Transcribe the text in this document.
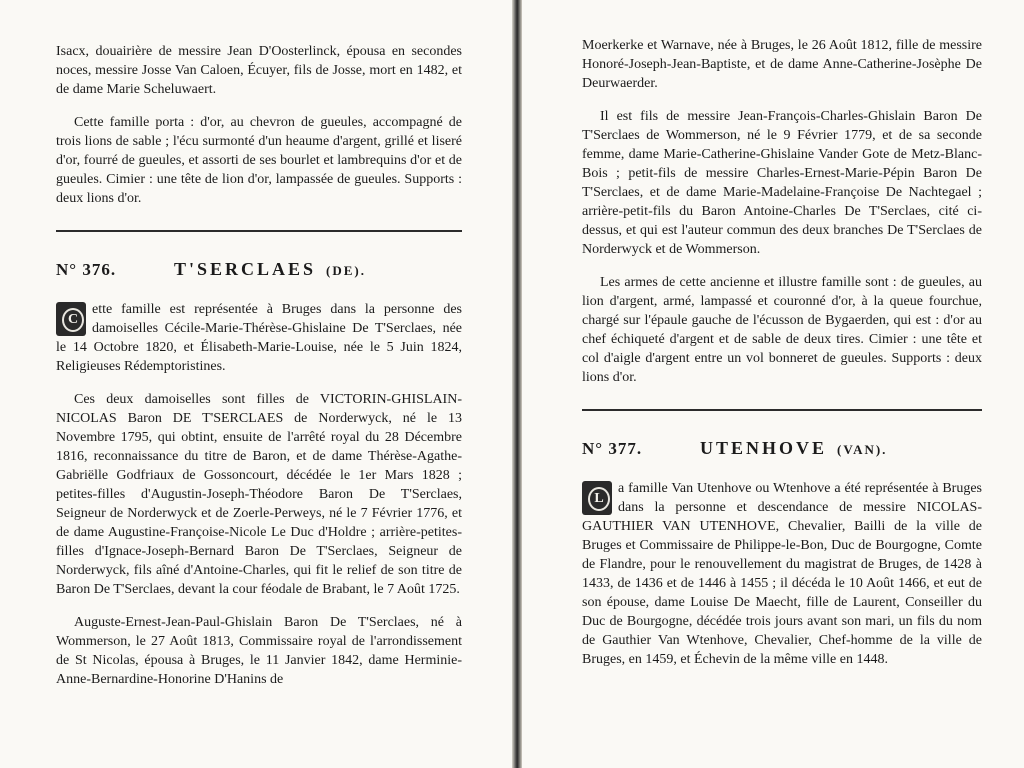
Isacx, douairière de messire Jean D'Oosterlinck, épousa en secondes noces, messire Josse Van Caloen, Écuyer, fils de Josse, mort en 1482, et de dame Marie Scheluwaert.

Cette famille porta : d'or, au chevron de gueules, accompagné de trois lions de sable ; l'écu surmonté d'un heaume d'argent, grillé et liseré d'or, fourré de gueules, et assorti de ses bourlet et lambrequins d'or et de gueules. Cimier : une tête de lion d'or, lampassée de gueules. Supports : deux lions d'or.

N° 376.	T'SERCLAES (DE).
C

ette famille est représentée à Bruges dans la personne des damoiselles Cécile-Marie-Thérèse-Ghislaine De T'Serclaes, née le 14 Octobre 1820, et Élisabeth-Marie-Louise, née le 5 Juin 1824, Religieuses Rédemptoristines.

Ces deux damoiselles sont filles de VICTORIN-GHISLAIN-NICOLAS Baron DE T'SERCLAES de Norderwyck, né le 13 Novembre 1795, qui obtint, ensuite de l'arrêté royal du 28 Décembre 1816, reconnaissance du titre de Baron, et de dame Thérèse-Agathe-Gabriëlle Godfriaux de Gossoncourt, décédée le 1er Mars 1828 ; petites-filles d'Augustin-Joseph-Théodore Baron De T'Serclaes, Seigneur de Norderwyck et de Zoerle-Perweys, né le 7 Février 1776, et de dame Augustine-Françoise-Nicole Le Duc d'Holdre ; arrière-petites-filles d'Ignace-Joseph-Bernard Baron De T'Serclaes, Seigneur de Norderwyck, fils aîné d'Antoine-Charles, qui fit le relief de son titre de Baron De T'Serclaes, devant la cour féodale de Brabant, le 7 Août 1725.

Auguste-Ernest-Jean-Paul-Ghislain Baron De T'Serclaes, né à Wommerson, le 27 Août 1813, Commissaire royal de l'arrondissement de St Nicolas, épousa à Bruges, le 11 Janvier 1842, dame Herminie-Anne-Bernardine-Honorine D'Hanins de

Moerkerke et Warnave, née à Bruges, le 26 Août 1812, fille de messire Honoré-Joseph-Jean-Baptiste, et de dame Anne-Catherine-Josèphe De Deurwaerder.

Il est fils de messire Jean-François-Charles-Ghislain Baron De T'Serclaes de Wommerson, né le 9 Février 1779, et de sa seconde femme, dame Marie-Catherine-Ghislaine Vander Gote de Metz-Blanc-Bois ; petit-fils de messire Charles-Ernest-Marie-Pépin Baron De T'Serclaes, et de dame Marie-Madelaine-Françoise De Nachtegael ; arrière-petit-fils du Baron Antoine-Charles De T'Serclaes, cité ci-dessus, et qui est l'auteur commun des deux branches De T'Serclaes de Norderwyck et de Wommerson.

Les armes de cette ancienne et illustre famille sont : de gueules, au lion d'argent, armé, lampassé et couronné d'or, à la queue fourchue, chargé sur l'épaule gauche de l'écusson de Bygaerden, qui est : d'or au chef échiqueté d'argent et de sable de deux tires. Cimier : une tête et col d'aigle d'argent entre un vol bonneret de gueules. Supports : deux lions d'or.

N° 377.	UTENHOVE (VAN).
L

a famille Van Utenhove ou Wtenhove a été représentée à Bruges dans la personne et descendance de messire NICOLAS-GAUTHIER VAN UTENHOVE, Chevalier, Bailli de la ville de Bruges et Commissaire de Philippe-le-Bon, Duc de Bourgogne, Comte de Flandre, pour le renouvellement du magistrat de Bruges, de 1428 à 1433, de 1436 et de 1446 à 1455 ; il décéda le 10 Août 1466, et eut de son épouse, dame Louise De Maecht, fille de Laurent, Conseiller du Duc de Bourgogne, décédée trois jours avant son mari, un fils du nom de Gauthier Van Wtenhove, Chevalier, Chef-homme de la ville de Bruges, en 1459, et Échevin de la même ville en 1448.
